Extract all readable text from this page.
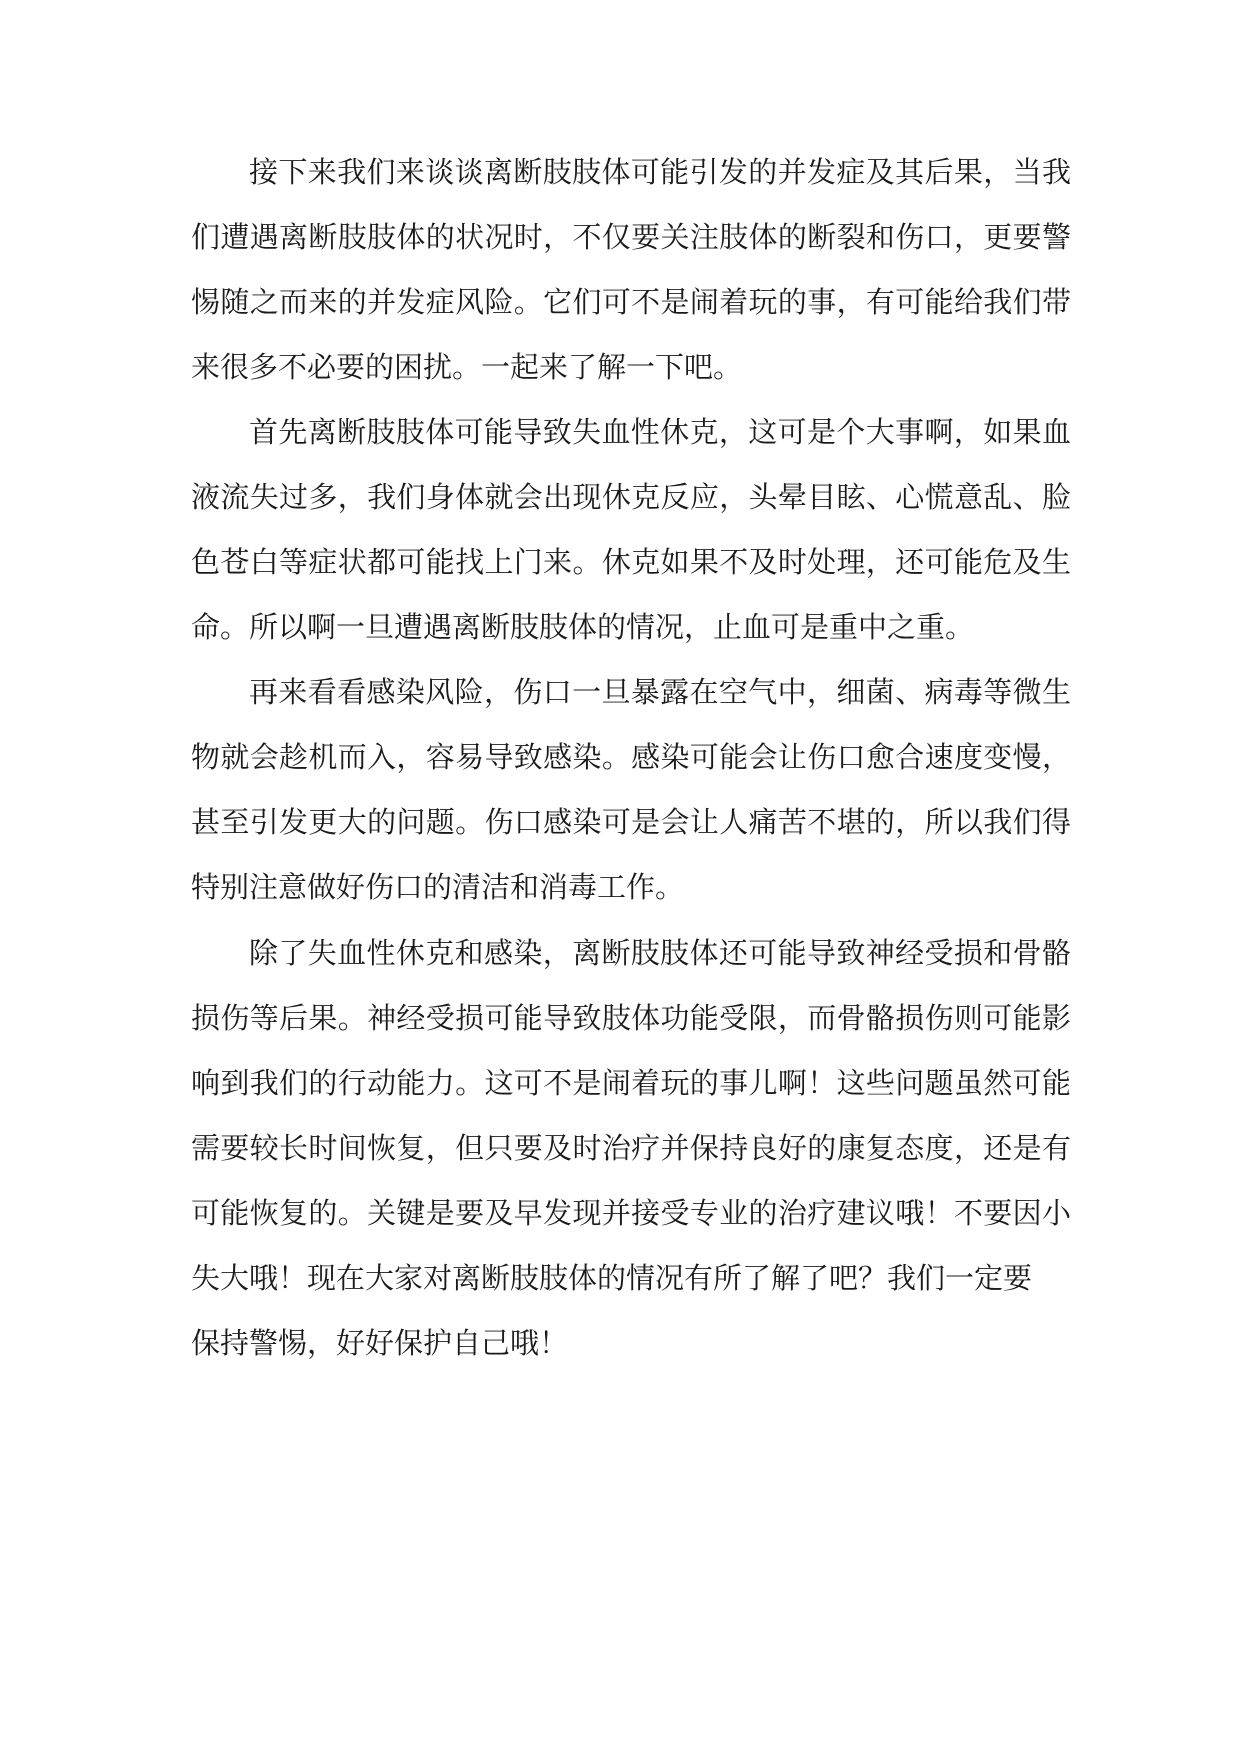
接下来我们来谈谈离断肢肢体可能引发的并发症及其后果，当我
们遭遇离断肢肢体的状况时，不仅要关注肢体的断裂和伤口，更要警
惕随之而来的并发症风险。它们可不是闹着玩的事，有可能给我们带
来很多不必要的困扰。一起来了解一下吧。
首先离断肢肢体可能导致失血性休克，这可是个大事啊，如果血
液流失过多，我们身体就会出现休克反应，头晕目眩、心慌意乱、脸
色苍白等症状都可能找上门来。休克如果不及时处理，还可能危及生
命。所以啊一旦遭遇离断肢肢体的情况，止血可是重中之重。
再来看看感染风险，伤口一旦暴露在空气中，细菌、病毒等微生
物就会趁机而入，容易导致感染。感染可能会让伤口愈合速度变慢，
甚至引发更大的问题。伤口感染可是会让人痛苦不堪的，所以我们得
特别注意做好伤口的清洁和消毒工作。
除了失血性休克和感染，离断肢肢体还可能导致神经受损和骨骼
损伤等后果。神经受损可能导致肢体功能受限，而骨骼损伤则可能影
响到我们的行动能力。这可不是闹着玩的事儿啊！这些问题虽然可能
需要较长时间恢复，但只要及时治疗并保持良好的康复态度，还是有
可能恢复的。关键是要及早发现并接受专业的治疗建议哦！不要因小
失大哦！现在大家对离断肢肢体的情况有所了解了吧？我们一定要
保持警惕，好好保护自己哦！
